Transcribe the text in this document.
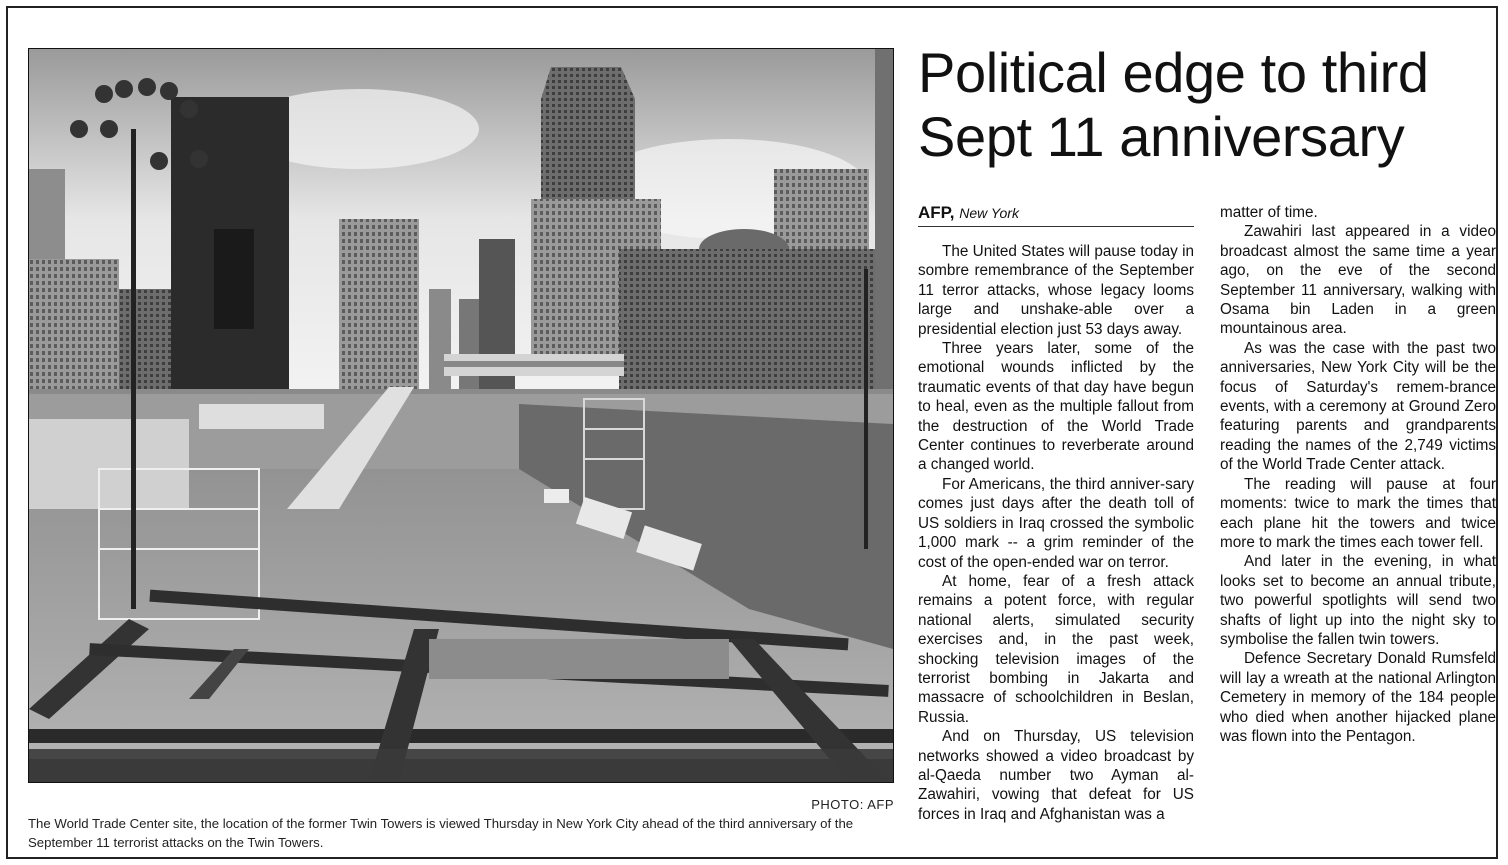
PHOTO: AFP
The World Trade Center site, the location of the former Twin Towers is viewed Thursday in New York City ahead of the third anniversary of the September 11 terrorist attacks on the Twin Towers.
Political edge to third Sept 11 anniversary
AFP, New York

The United States will pause today in sombre remembrance of the September 11 terror attacks, whose legacy looms large and unshake-able over a presidential election just 53 days away.

Three years later, some of the emotional wounds inflicted by the traumatic events of that day have begun to heal, even as the multiple fallout from the destruction of the World Trade Center continues to reverberate around a changed world.

For Americans, the third anniver-sary comes just days after the death toll of US soldiers in Iraq crossed the symbolic 1,000 mark -- a grim reminder of the cost of the open-ended war on terror.

At home, fear of a fresh attack remains a potent force, with regular national alerts, simulated security exercises and, in the past week, shocking television images of the terrorist bombing in Jakarta and massacre of schoolchildren in Beslan, Russia.

And on Thursday, US television networks showed a video broadcast by al-Qaeda number two Ayman al-Zawahiri, vowing that defeat for US forces in Iraq and Afghanistan was a

matter of time.

Zawahiri last appeared in a video broadcast almost the same time a year ago, on the eve of the second September 11 anniversary, walking with Osama bin Laden in a green mountainous area.

As was the case with the past two anniversaries, New York City will be the focus of Saturday's remem-brance events, with a ceremony at Ground Zero featuring parents and grandparents reading the names of the 2,749 victims of the World Trade Center attack.

The reading will pause at four moments: twice to mark the times that each plane hit the towers and twice more to mark the times each tower fell.

And later in the evening, in what looks set to become an annual tribute, two powerful spotlights will send two shafts of light up into the night sky to symbolise the fallen twin towers.

Defence Secretary Donald Rumsfeld will lay a wreath at the national Arlington Cemetery in memory of the 184 people who died when another hijacked plane was flown into the Pentagon.
